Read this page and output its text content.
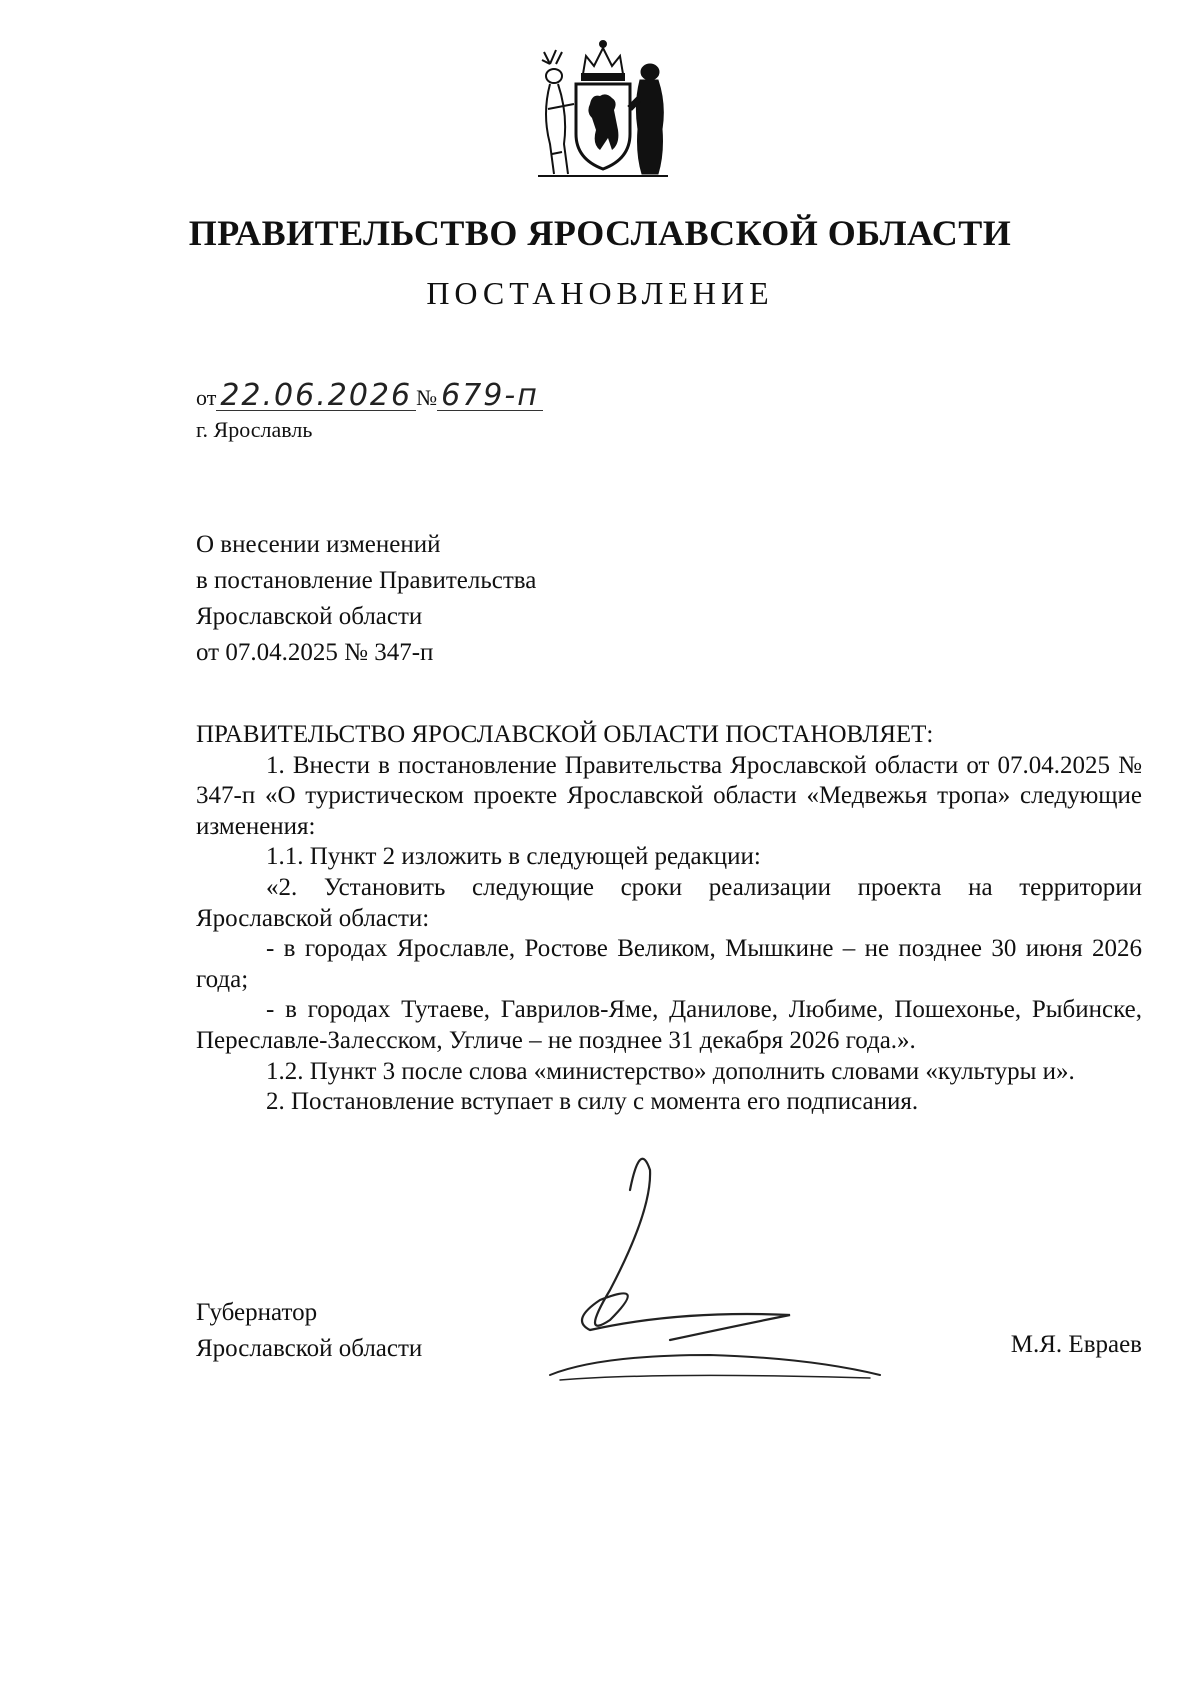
ПРАВИТЕЛЬСТВО ЯРОСЛАВСКОЙ ОБЛАСТИ
ПОСТАНОВЛЕНИЕ
от 22.06.2026 № 679-п
г. Ярославль
О внесении изменений
в постановление Правительства
Ярославской области
от 07.04.2025 № 347-п

ПРАВИТЕЛЬСТВО ЯРОСЛАВСКОЙ ОБЛАСТИ ПОСТАНОВЛЯЕТ:

1. Внести в постановление Правительства Ярославской области от 07.04.2025 № 347-п «О туристическом проекте Ярославской области «Медвежья тропа» следующие изменения:

1.1. Пункт 2 изложить в следующей редакции:

«2. Установить следующие сроки реализации проекта на территории Ярославской области:

- в городах Ярославле, Ростове Великом, Мышкине – не позднее 30 июня 2026 года;

- в городах Тутаеве, Гаврилов-Яме, Данилове, Любиме, Пошехонье, Рыбинске, Переславле-Залесском, Угличе – не позднее 31 декабря 2026 года.».

1.2. Пункт 3 после слова «министерство» дополнить словами «культуры и».

2. Постановление вступает в силу с момента его подписания.

Губернатор
Ярославской области	М.Я. Евраев
